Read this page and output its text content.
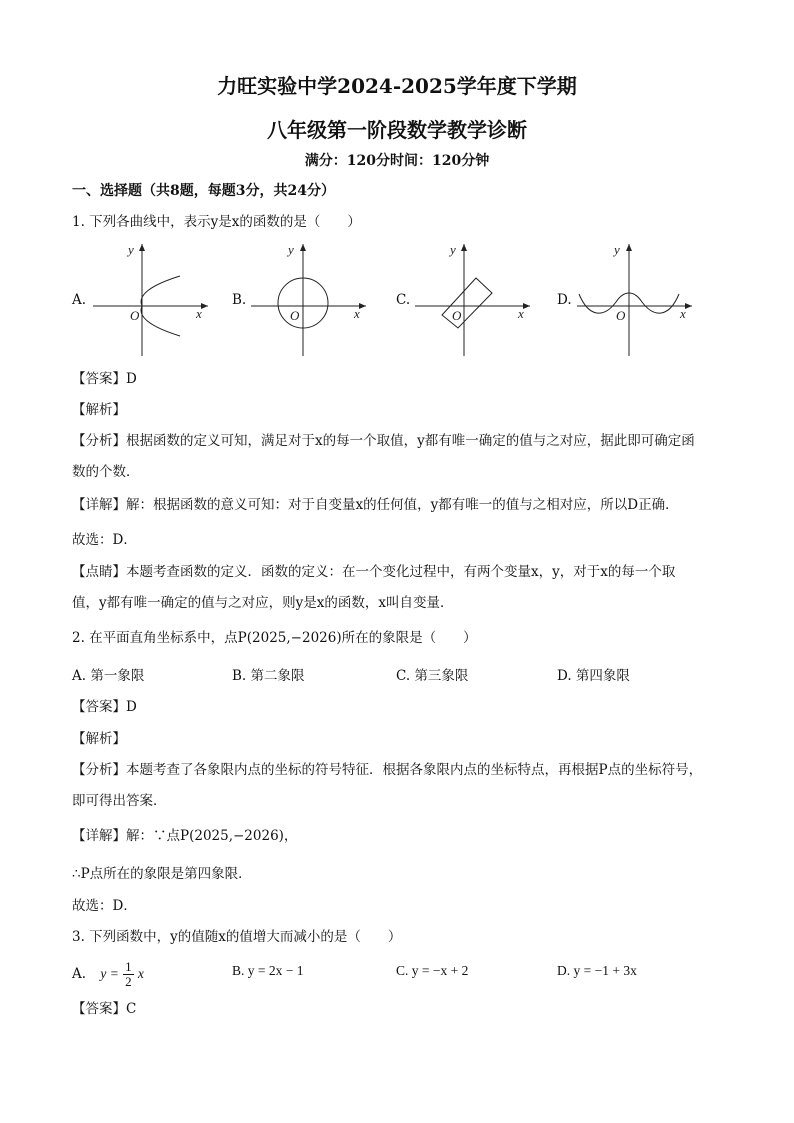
力旺实验中学2024-2025学年度下学期
八年级第一阶段数学教学诊断
满分：120分时间：120分钟
一、选择题（共8题，每题3分，共24分）
1. 下列各曲线中，表示y是x的函数的是（　　）
A.
y
x
O
B.
y
x
O
C.
y
x
O
D.
y
x
O
【答案】D
【解析】
【分析】根据函数的定义可知，满足对于x的每一个取值，y都有唯一确定的值与之对应，据此即可确定函
数的个数．
【详解】解：根据函数的意义可知：对于自变量x的任何值，y都有唯一的值与之相对应，所以D正确．
故选：D．
【点睛】本题考查函数的定义．函数的定义：在一个变化过程中，有两个变量x，y，对于x的每一个取
值，y都有唯一确定的值与之对应，则y是x的函数，x叫自变量．
2. 在平面直角坐标系中，点P(2025,−2026)所在的象限是（　　）
A. 第一象限	B. 第二象限	C. 第三象限	D. 第四象限
【答案】D
【解析】
【分析】本题考查了各象限内点的坐标的符号特征．根据各象限内点的坐标特点，再根据P点的坐标符号，
即可得出答案．
【详解】解：∵点P(2025,−2026)，
∴P点所在的象限是第四象限．
故选：D．
3. 下列函数中，y的值随x的值增大而减小的是（　　）
A. $y = \frac{1}{2}$ x	B. y = 2x − 1	C. y = −x + 2	D. y = −1 + 3x
【答案】C
